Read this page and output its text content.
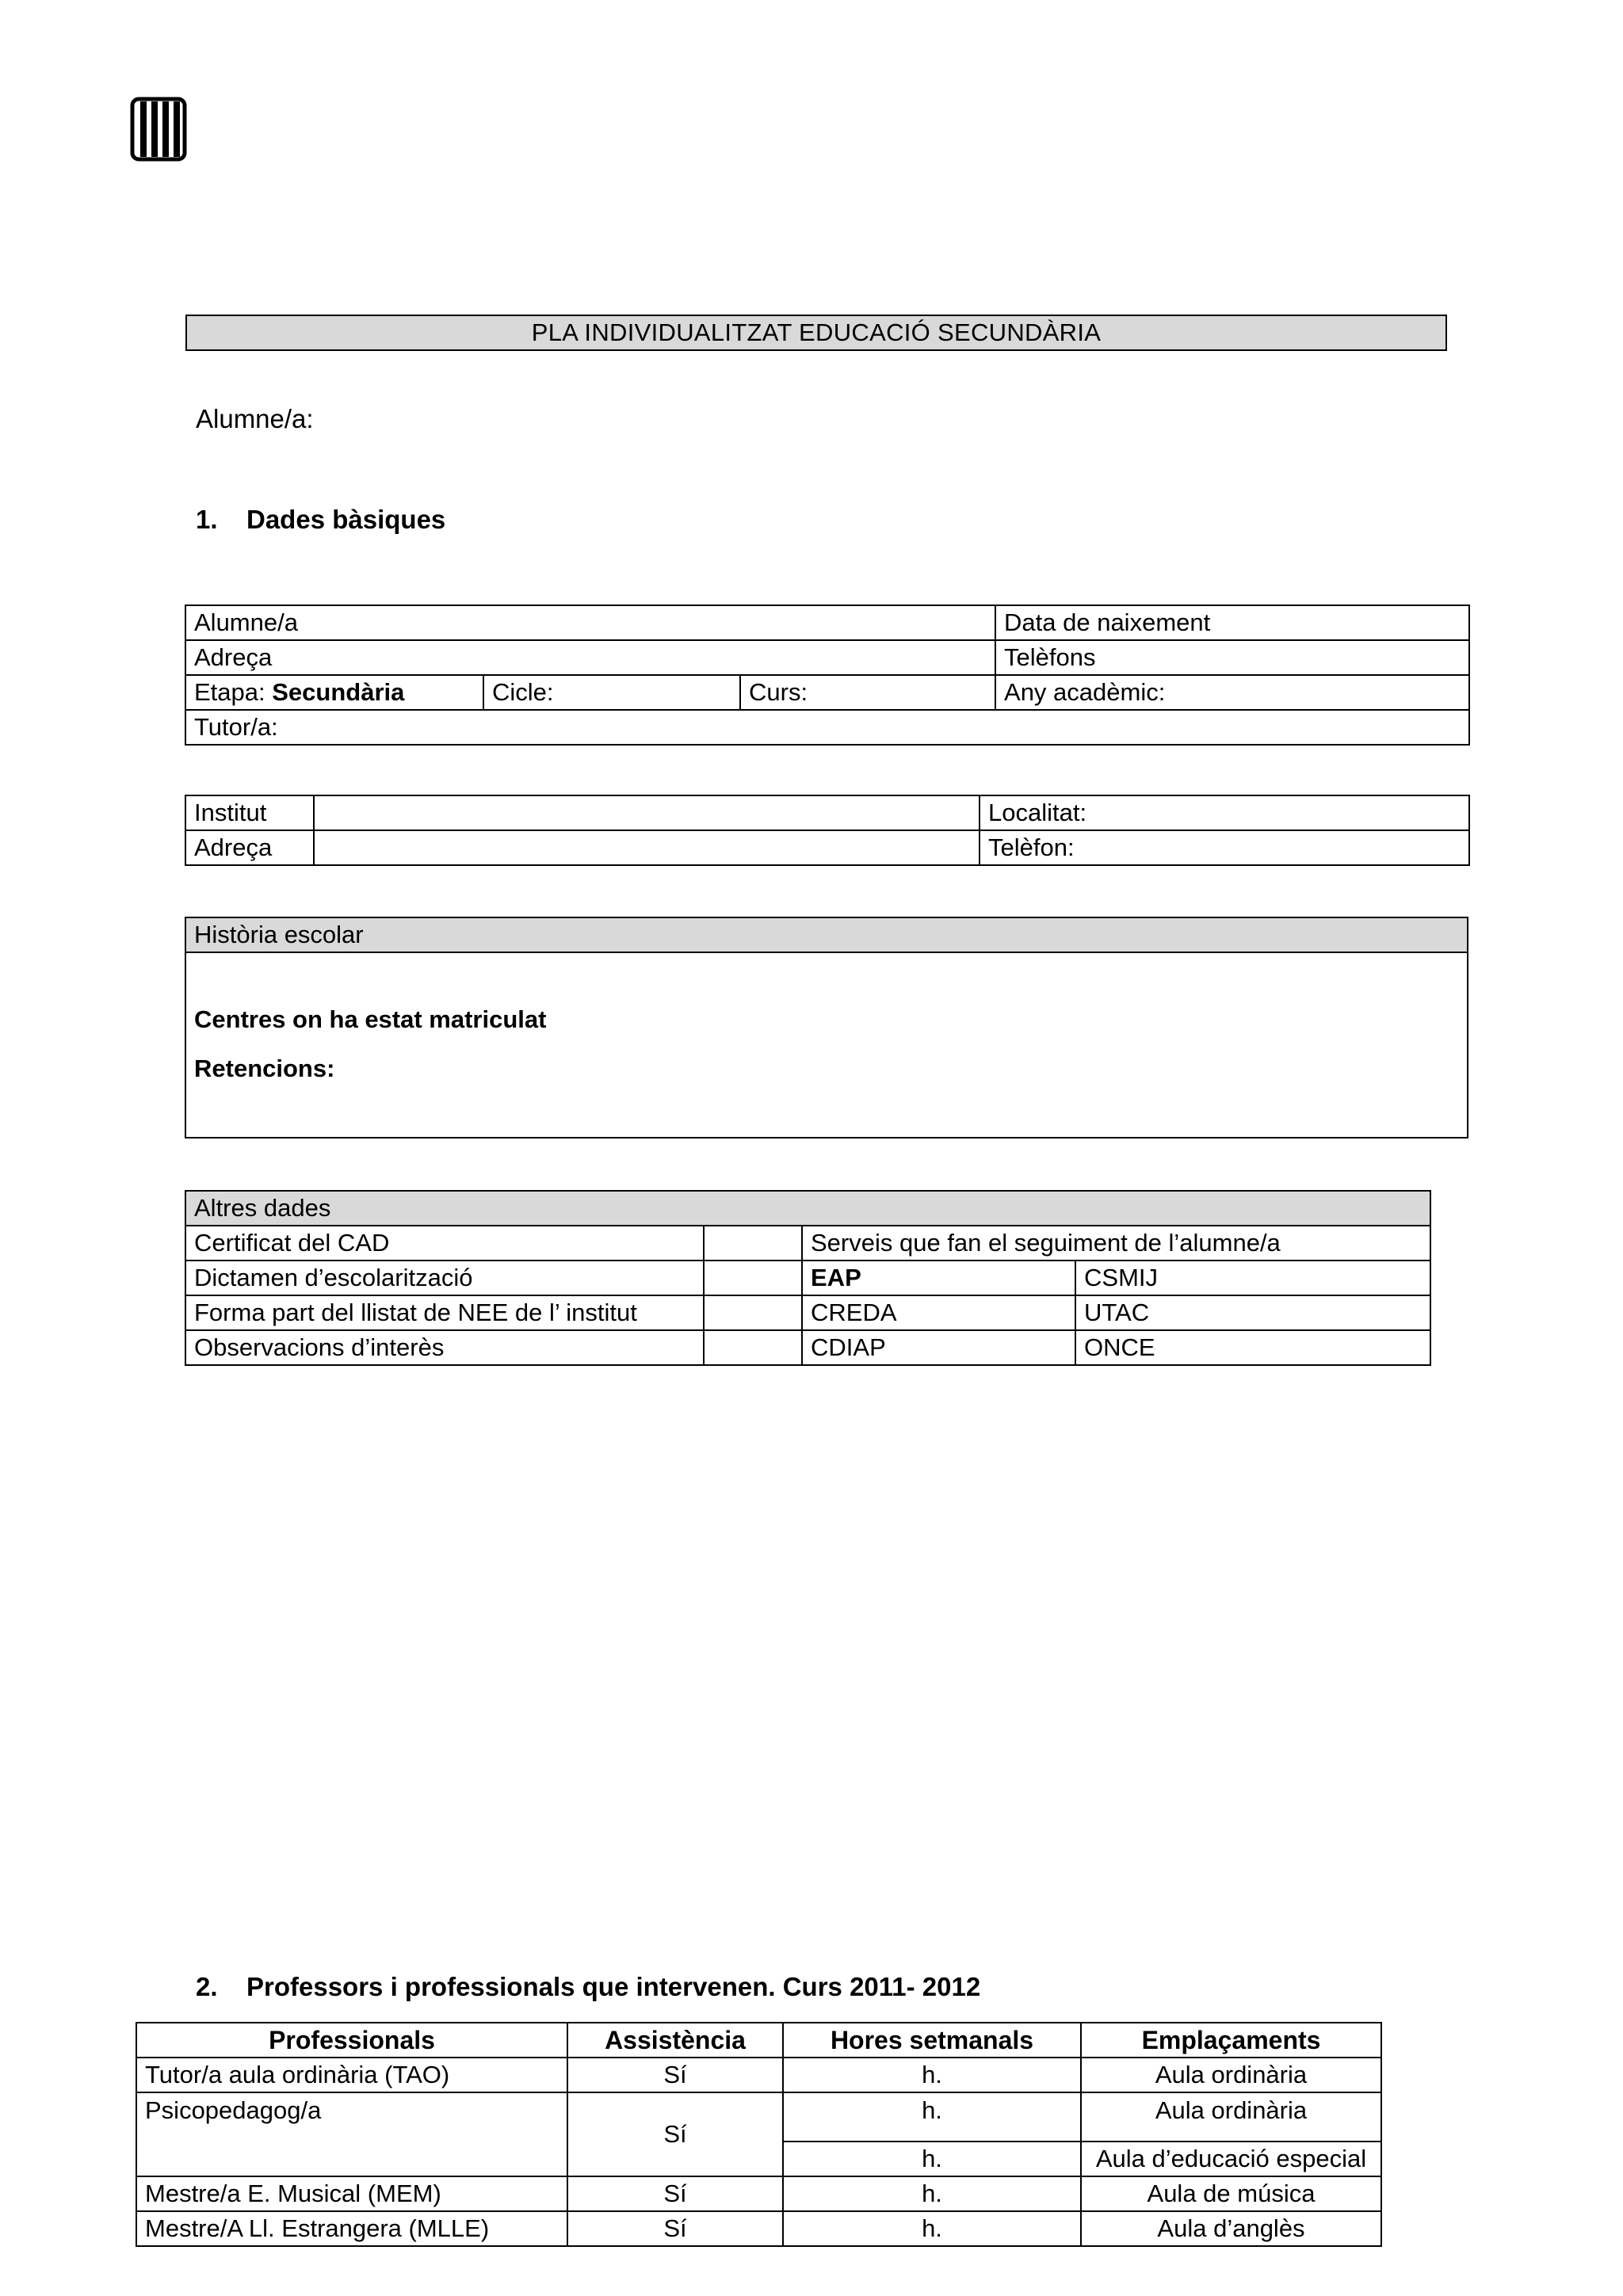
PLA INDIVIDUALITZAT EDUCACIÓ SECUNDÀRIA
Alumne/a:
1. Dades bàsiques
Alumne/a			Data de naixement
Adreça			Telèfons
Etapa: Secundària	Cicle:	Curs:	Any acadèmic:
Tutor/a:			
Institut		Localitat:
Adreça		Telèfon:
Història escolar

Centres on ha estat matriculat
Retencions:
Altres dades			
Certificat del CAD		Serveis que fan el seguiment de l’alumne/a	
Dictamen d’escolarització		EAP	CSMIJ
Forma part del llistat de NEE de l’ institut		CREDA	UTAC
Observacions d’interès		CDIAP	ONCE
2. Professors i professionals que intervenen. Curs 2011- 2012
Professionals	Assistència	Hores setmanals	Emplaçaments
Tutor/a aula ordinària (TAO)	Sí	h.	Aula ordinària
Psicopedagog/a	Sí	h.	Aula ordinària
		h.	Aula d’educació especial
Mestre/a E. Musical (MEM)	Sí	h.	Aula de música
Mestre/A Ll. Estrangera (MLLE)	Sí	h.	Aula d’anglès
